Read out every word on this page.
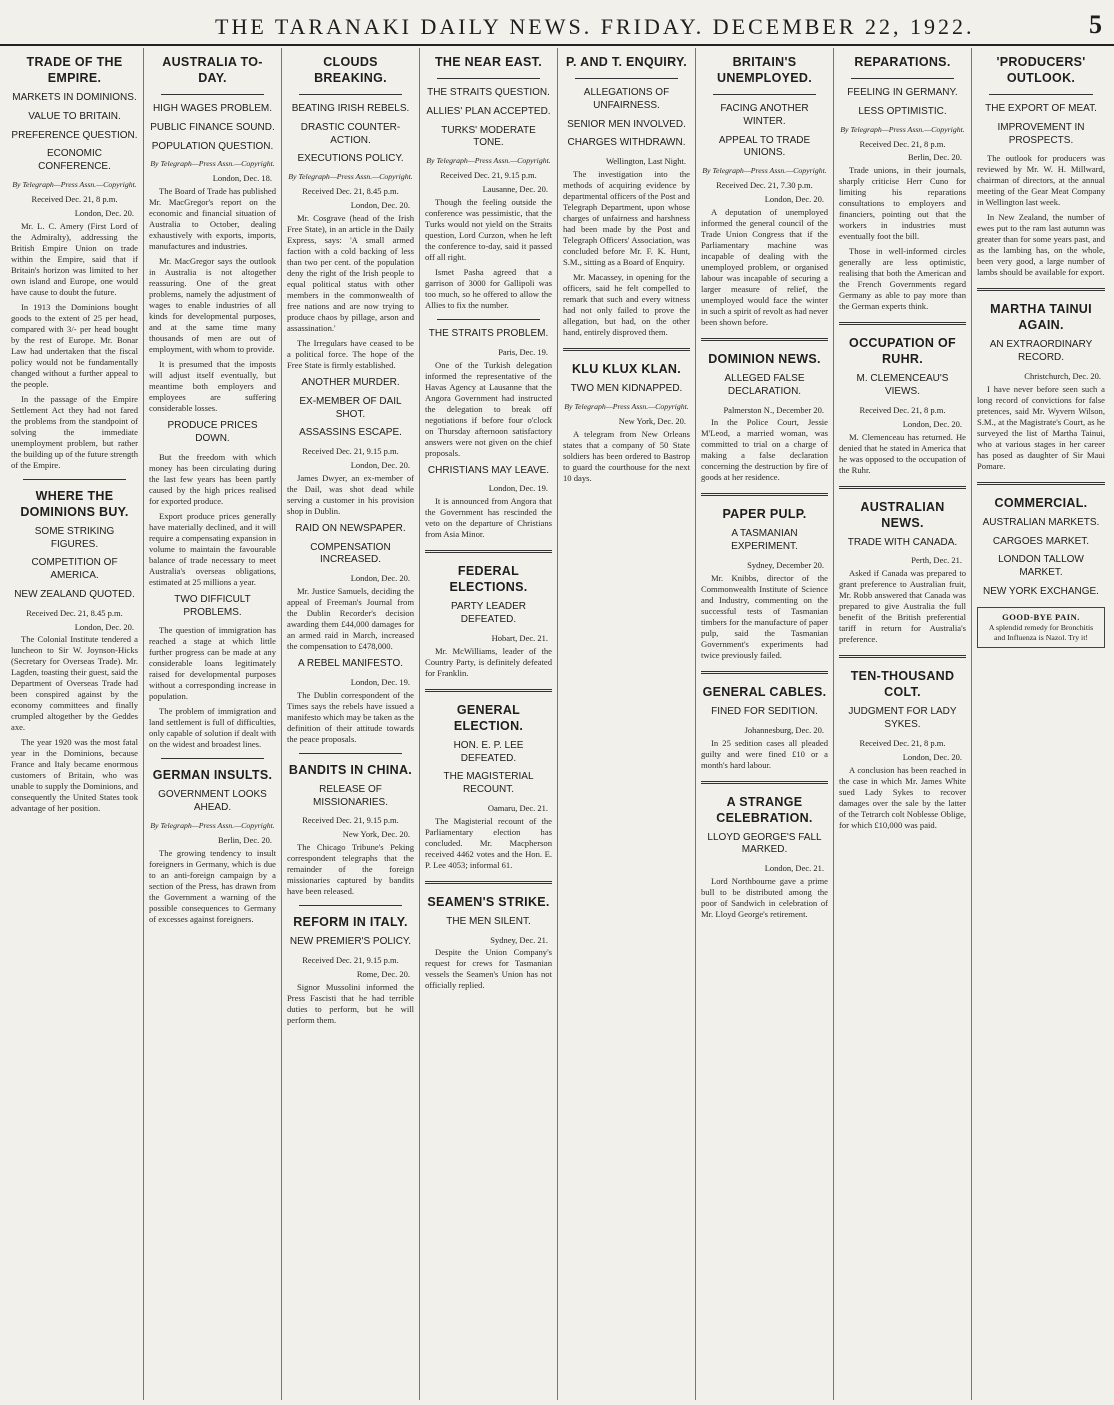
THE TARANAKI DAILY NEWS. FRIDAY. DECEMBER 22, 1922.	5
TRADE OF THE EMPIRE.
MARKETS IN DOMINIONS.
VALUE TO BRITAIN.
PREFERENCE QUESTION.
ECONOMIC CONFERENCE.
By Telegraph—Press Assn.—Copyright.
Received Dec. 21, 8 p.m.
London, Dec. 20.

Mr. L. C. Amery (First Lord of the Admiralty), addressing the British Empire Union on trade within the Empire, said that if Britain's horizon was limited to her own island and Europe, one would have cause to doubt the future.

In 1913 the Dominions bought goods to the extent of 25 per head, compared with 3/- per head bought by the rest of Europe. Mr. Bonar Law had undertaken that the fiscal policy would not be fundamentally changed without a further appeal to the people.

In the passage of the Empire Settlement Act they had not fared the problems from the standpoint of solving the immediate unemployment problem, but rather the building up of the future strength of the Empire.

WHERE THE DOMINIONS BUY.
SOME STRIKING FIGURES.
COMPETITION OF AMERICA.
NEW ZEALAND QUOTED.
Received Dec. 21, 8.45 p.m.
London, Dec. 20.

The Colonial Institute tendered a luncheon to Sir W. Joynson-Hicks (Secretary for Overseas Trade). Mr. Lagden, toasting their guest, said the Department of Overseas Trade had been conspired against by the economy committees and finally crumpled altogether by the Geddes axe.

The year 1920 was the most fatal year in the Dominions, because France and Italy became enormous customers of Britain, who was unable to supply the Dominions, and consequently the United States took advantage of her position.

AUSTRALIA TO-DAY.
HIGH WAGES PROBLEM.
PUBLIC FINANCE SOUND.
POPULATION QUESTION.
By Telegraph—Press Assn.—Copyright.
London, Dec. 18.

The Board of Trade has published Mr. MacGregor's report on the economic and financial situation of Australia to October, dealing exhaustively with exports, imports, manufactures and industries.

Mr. MacGregor says the outlook in Australia is not altogether reassuring. One of the great problems, namely the adjustment of wages to enable industries of all kinds for developmental purposes, and at the same time many thousands of men are out of employment, with whom to provide.

It is presumed that the imposts will adjust itself eventually, but meantime both employers and employees are suffering considerable losses.

PRODUCE PRICES DOWN.

But the freedom with which money has been circulating during the last few years has been partly caused by the high prices realised for exported produce.

Export produce prices generally have materially declined, and it will require a compensating expansion in volume to maintain the favourable balance of trade necessary to meet Australia's overseas obligations, estimated at 25 millions a year.

TWO DIFFICULT PROBLEMS.

The question of immigration has reached a stage at which little further progress can be made at any considerable loans legitimately raised for developmental purposes without a corresponding increase in population.

The problem of immigration and land settlement is full of difficulties, only capable of solution if dealt with on the widest and broadest lines.

GERMAN INSULTS.
GOVERNMENT LOOKS AHEAD.
By Telegraph—Press Assn.—Copyright.
Berlin, Dec. 20.

The growing tendency to insult foreigners in Germany, which is due to an anti-foreign campaign by a section of the Press, has drawn from the Government a warning of the possible consequences to Germany of excesses against foreigners.

CLOUDS BREAKING.
BEATING IRISH REBELS.
DRASTIC COUNTER-ACTION.
EXECUTIONS POLICY.
By Telegraph—Press Assn.—Copyright.
Received Dec. 21, 8.45 p.m.
London, Dec. 20.

Mr. Cosgrave (head of the Irish Free State), in an article in the Daily Express, says: 'A small armed faction with a cold backing of less than two per cent. of the population deny the right of the Irish people to equal political status with other members in the commonwealth of free nations and are now trying to produce chaos by pillage, arson and assassination.'

The Irregulars have ceased to be a political force. The hope of the Free State is firmly established.

ANOTHER MURDER.
EX-MEMBER OF DAIL SHOT.
ASSASSINS ESCAPE.
Received Dec. 21, 9.15 p.m.
London, Dec. 20.

James Dwyer, an ex-member of the Dail, was shot dead while serving a customer in his provision shop in Dublin.

RAID ON NEWSPAPER.
COMPENSATION INCREASED.
London, Dec. 20.

Mr. Justice Samuels, deciding the appeal of Freeman's Journal from the Dublin Recorder's decision awarding them £44,000 damages for an armed raid in March, increased the compensation to £478,000.

A REBEL MANIFESTO.
London, Dec. 19.

The Dublin correspondent of the Times says the rebels have issued a manifesto which may be taken as the definition of their attitude towards the peace proposals.

BANDITS IN CHINA.
RELEASE OF MISSIONARIES.
Received Dec. 21, 9.15 p.m.
New York, Dec. 20.

The Chicago Tribune's Peking correspondent telegraphs that the remainder of the foreign missionaries captured by bandits have been released.

REFORM IN ITALY.
NEW PREMIER'S POLICY.
Received Dec. 21, 9.15 p.m.
Rome, Dec. 20.

Signor Mussolini informed the Press Fascisti that he had terrible duties to perform, but he will perform them.

THE NEAR EAST.
THE STRAITS QUESTION.
ALLIES' PLAN ACCEPTED.
TURKS' MODERATE TONE.
By Telegraph—Press Assn.—Copyright.
Received Dec. 21, 9.15 p.m.
Lausanne, Dec. 20.

Though the feeling outside the conference was pessimistic, that the Turks would not yield on the Straits question, Lord Curzon, when he left the conference to-day, said it passed off all right.

Ismet Pasha agreed that a garrison of 3000 for Gallipoli was too much, so he offered to allow the Allies to fix the number.

THE STRAITS PROBLEM.
Paris, Dec. 19.

One of the Turkish delegation informed the representative of the Havas Agency at Lausanne that the Angora Government had instructed the delegation to break off negotiations if before four o'clock on Thursday afternoon satisfactory answers were not given on the chief proposals.

CHRISTIANS MAY LEAVE.
London, Dec. 19.

It is announced from Angora that the Government has rescinded the veto on the departure of Christians from Asia Minor.

FEDERAL ELECTIONS.
PARTY LEADER DEFEATED.
Hobart, Dec. 21.

Mr. McWilliams, leader of the Country Party, is definitely defeated for Franklin.

GENERAL ELECTION.
HON. E. P. LEE DEFEATED.
THE MAGISTERIAL RECOUNT.
Oamaru, Dec. 21.

The Magisterial recount of the Parliamentary election has concluded. Mr. Macpherson received 4462 votes and the Hon. E. P. Lee 4053; informal 61.

SEAMEN'S STRIKE.
THE MEN SILENT.
Sydney, Dec. 21.

Despite the Union Company's request for crews for Tasmanian vessels the Seamen's Union has not officially replied.

P. AND T. ENQUIRY.
ALLEGATIONS OF UNFAIRNESS.
SENIOR MEN INVOLVED.
CHARGES WITHDRAWN.
Wellington, Last Night.

The investigation into the methods of acquiring evidence by departmental officers of the Post and Telegraph Department, upon whose charges of unfairness and harshness had been made by the Post and Telegraph Officers' Association, was concluded before Mr. F. K. Hunt, S.M., sitting as a Board of Enquiry.

Mr. Macassey, in opening for the officers, said he felt compelled to remark that such and every witness had not only failed to prove the allegation, but had, on the other hand, entirely disproved them.

KLU KLUX KLAN.
TWO MEN KIDNAPPED.
By Telegraph—Press Assn.—Copyright.
New York, Dec. 20.

A telegram from New Orleans states that a company of 50 State soldiers has been ordered to Bastrop to guard the courthouse for the next 10 days.

BRITAIN'S UNEMPLOYED.
FACING ANOTHER WINTER.
APPEAL TO TRADE UNIONS.
By Telegraph—Press Assn.—Copyright.
Received Dec. 21, 7.30 p.m.
London, Dec. 20.

A deputation of unemployed informed the general council of the Trade Union Congress that if the Parliamentary machine was incapable of dealing with the unemployed problem, or organised labour was incapable of securing a larger measure of relief, the unemployed would face the winter in such a spirit of revolt as had never been shown before.

DOMINION NEWS.
ALLEGED FALSE DECLARATION.
Palmerston N., December 20.

In the Police Court, Jessie M'Leod, a married woman, was committed to trial on a charge of making a false declaration concerning the destruction by fire of goods at her residence.

PAPER PULP.
A TASMANIAN EXPERIMENT.
Sydney, December 20.

Mr. Knibbs, director of the Commonwealth Institute of Science and Industry, commenting on the successful tests of Tasmanian timbers for the manufacture of paper pulp, said the Tasmanian Government's experiments had twice previously failed.

GENERAL CABLES.
FINED FOR SEDITION.
Johannesburg, Dec. 20.

In 25 sedition cases all pleaded guilty and were fined £10 or a month's hard labour.

A STRANGE CELEBRATION.
LLOYD GEORGE'S FALL MARKED.
London, Dec. 21.

Lord Northbourne gave a prime bull to be distributed among the poor of Sandwich in celebration of Mr. Lloyd George's retirement.

REPARATIONS.
FEELING IN GERMANY.
LESS OPTIMISTIC.
By Telegraph—Press Assn.—Copyright.
Received Dec. 21, 8 p.m.
Berlin, Dec. 20.

Trade unions, in their journals, sharply criticise Herr Cuno for limiting his reparations consultations to employers and financiers, pointing out that the workers in industries must eventually foot the bill.

Those in well-informed circles generally are less optimistic, realising that both the American and the French Governments regard Germany as able to pay more than the German experts think.

OCCUPATION OF RUHR.
M. CLEMENCEAU'S VIEWS.
Received Dec. 21, 8 p.m.
London, Dec. 20.

M. Clemenceau has returned. He denied that he stated in America that he was opposed to the occupation of the Ruhr.

AUSTRALIAN NEWS.
TRADE WITH CANADA.
Perth, Dec. 21.

Asked if Canada was prepared to grant preference to Australian fruit, Mr. Robb answered that Canada was prepared to give Australia the full benefit of the British preferential tariff in return for Australia's preference.

TEN-THOUSAND COLT.
JUDGMENT FOR LADY SYKES.
Received Dec. 21, 8 p.m.
London, Dec. 20.

A conclusion has been reached in the case in which Mr. James White sued Lady Sykes to recover damages over the sale by the latter of the Tetrarch colt Noblesse Oblige, for which £10,000 was paid.

'PRODUCERS' OUTLOOK.
THE EXPORT OF MEAT.
IMPROVEMENT IN PROSPECTS.

The outlook for producers was reviewed by Mr. W. H. Millward, chairman of directors, at the annual meeting of the Gear Meat Company in Wellington last week.

In New Zealand, the number of ewes put to the ram last autumn was greater than for some years past, and as the lambing has, on the whole, been very good, a large number of lambs should be available for export.

MARTHA TAINUI AGAIN.
AN EXTRAORDINARY RECORD.
Christchurch, Dec. 20.

I have never before seen such a long record of convictions for false pretences, said Mr. Wyvern Wilson, S.M., at the Magistrate's Court, as he surveyed the list of Martha Tainui, who at various stages in her career has posed as daughter of Sir Maui Pomare.

COMMERCIAL.
AUSTRALIAN MARKETS.
CARGOES MARKET.
LONDON TALLOW MARKET.
NEW YORK EXCHANGE.
GOOD-BYE PAIN.
A splendid remedy for Bronchitis and Influenza is Nazol. Try it!
